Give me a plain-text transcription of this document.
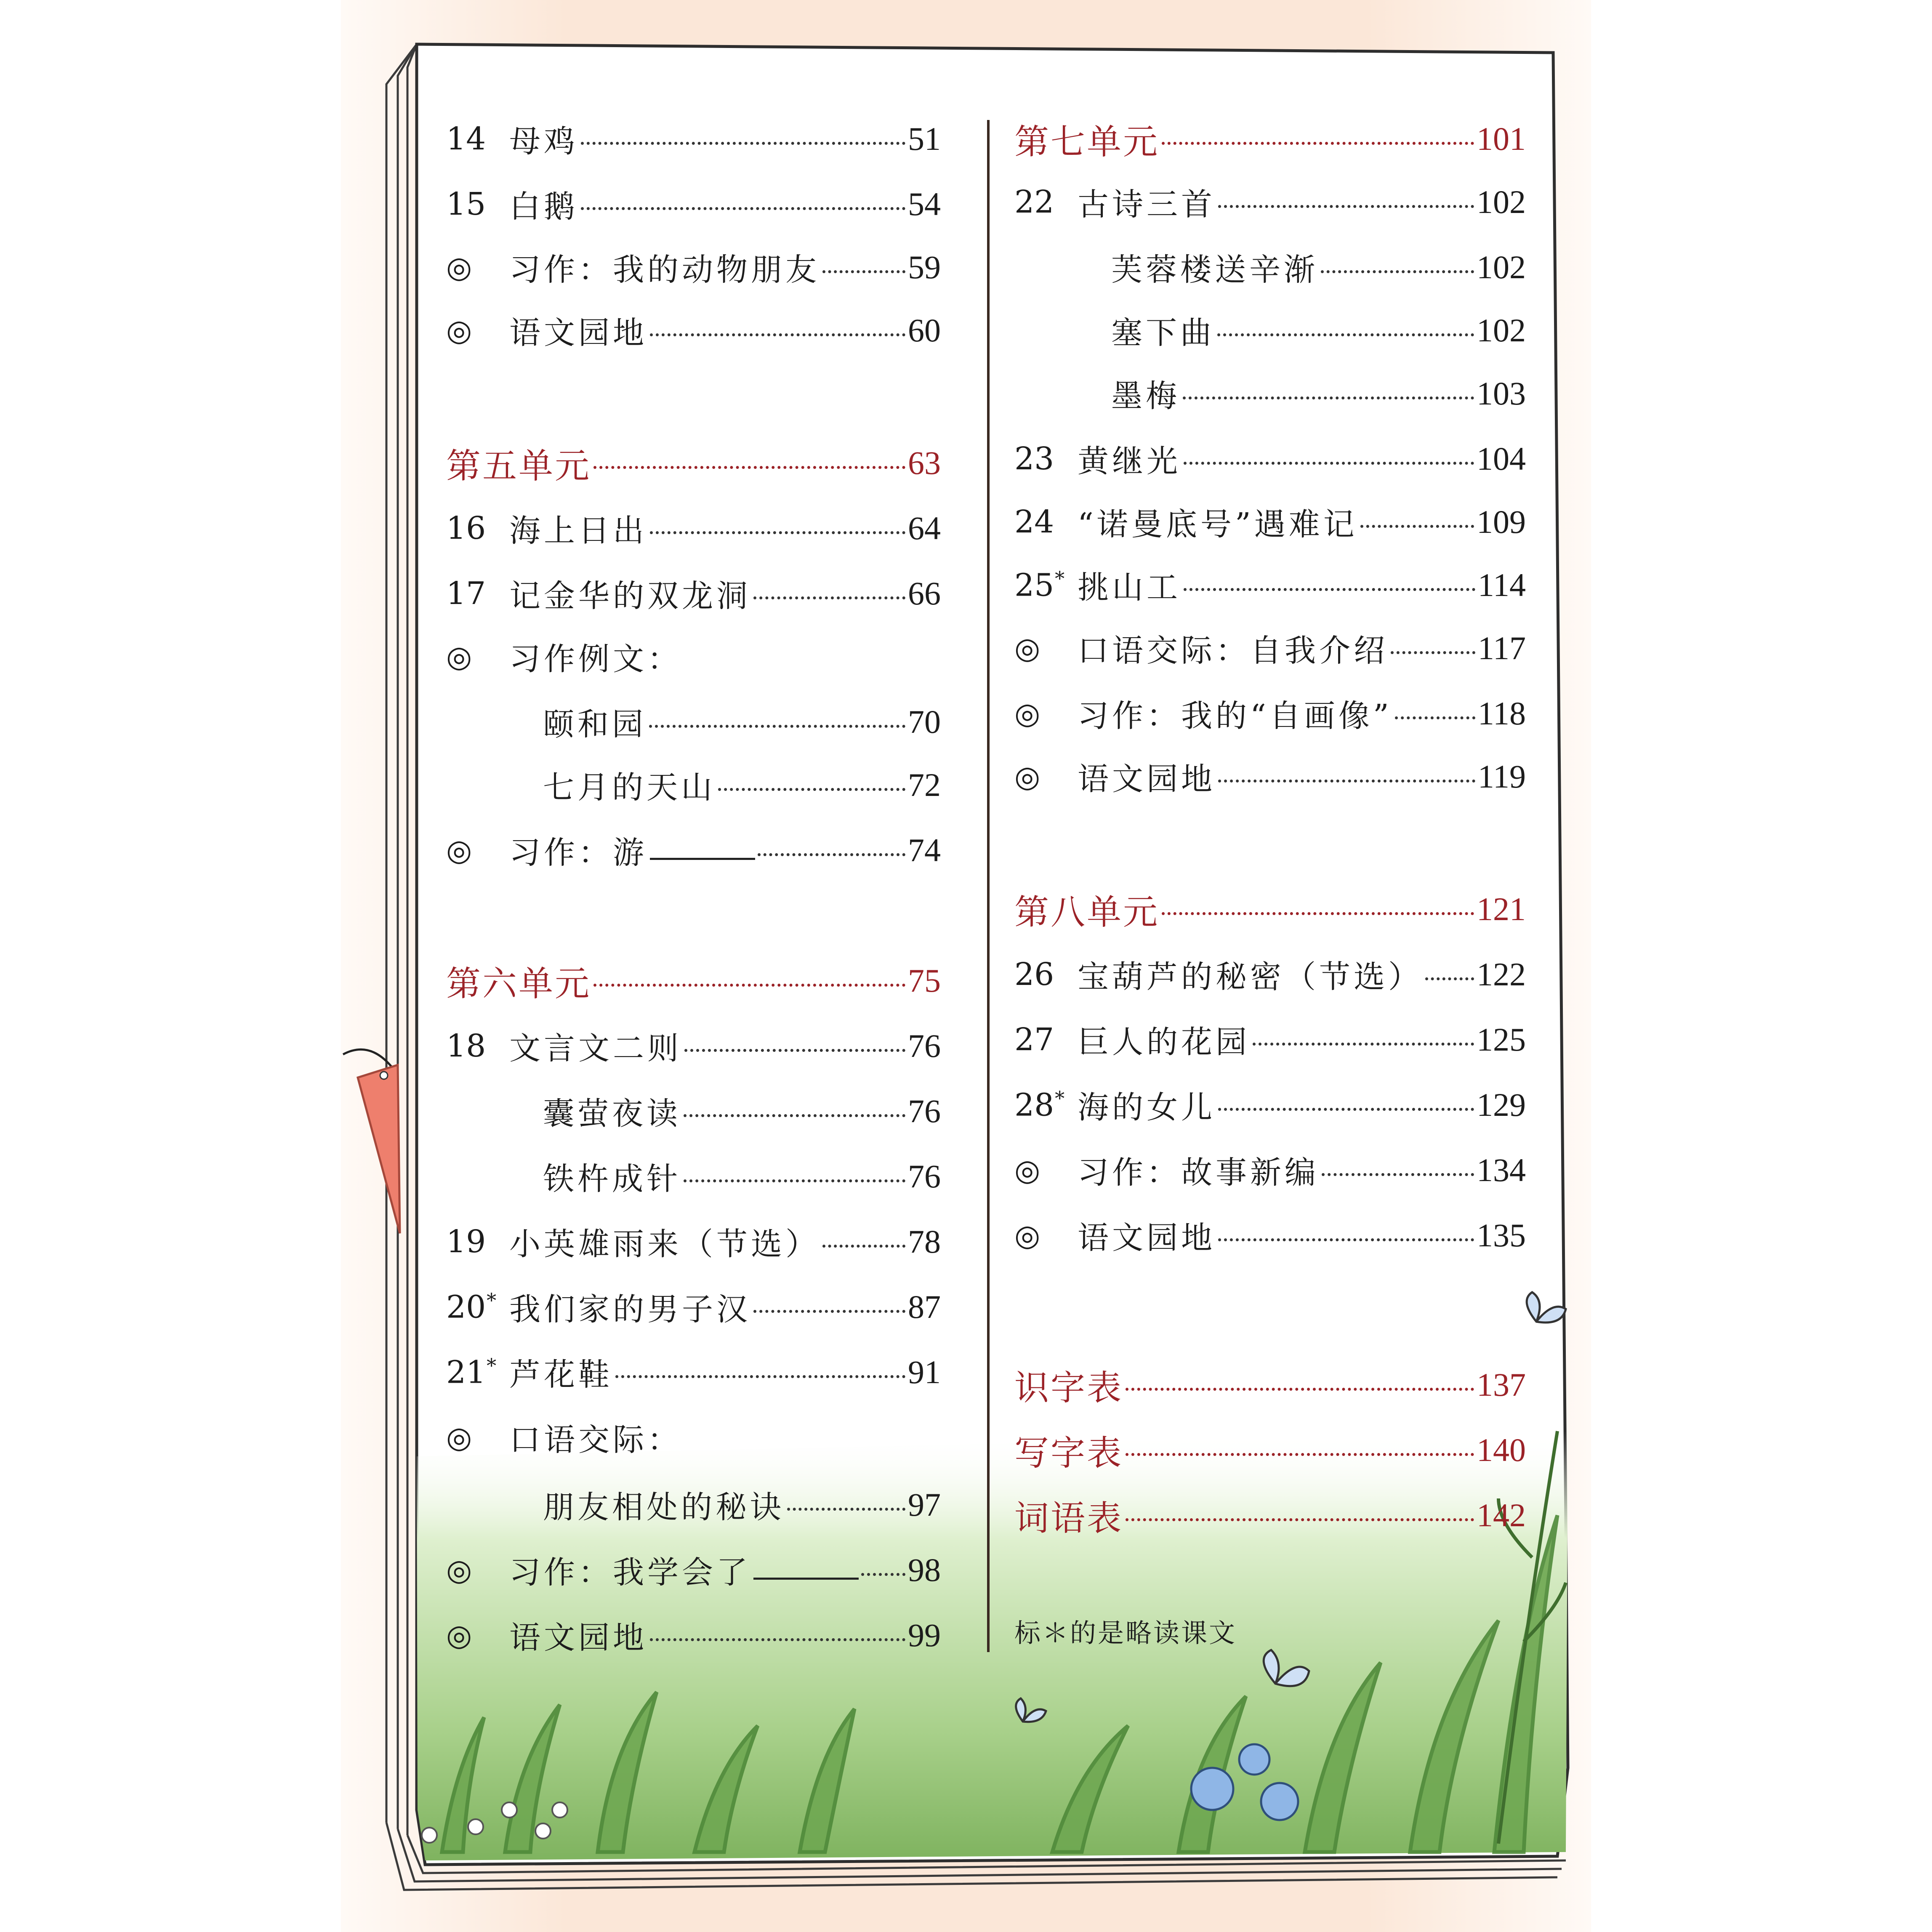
14 母鸡	51
15 白鹅	54
◎	习作：我的动物朋友	59
◎	语文园地	60
第五单元	63
16 海上日出	64
17 记金华的双龙洞	66
◎	习作例文：
颐和园	70
七月的天山	72
◎	习作：游	74
第六单元	75
18 文言文二则	76
囊萤夜读	76
铁杵成针	76
19 小英雄雨来（节选）	78
20* 我们家的男子汉	87
21* 芦花鞋	91
◎	口语交际：
朋友相处的秘诀	97
◎	习作：我学会了	98
◎	语文园地	99
第七单元	101
22 古诗三首	102
芙蓉楼送辛渐	102
塞下曲	102
墨梅	103
23 黄继光	104
24 “诺曼底号”遇难记	109
25* 挑山工	114
◎	口语交际：自我介绍	117
◎	习作：我的“自画像”	118
◎	语文园地	119
第八单元	121
26 宝葫芦的秘密（节选） 122
27 巨人的花园	125
28* 海的女儿	129
◎	习作：故事新编	134
◎	语文园地	135
识字表	137
写字表	140
词语表	142
标＊的是略读课文
